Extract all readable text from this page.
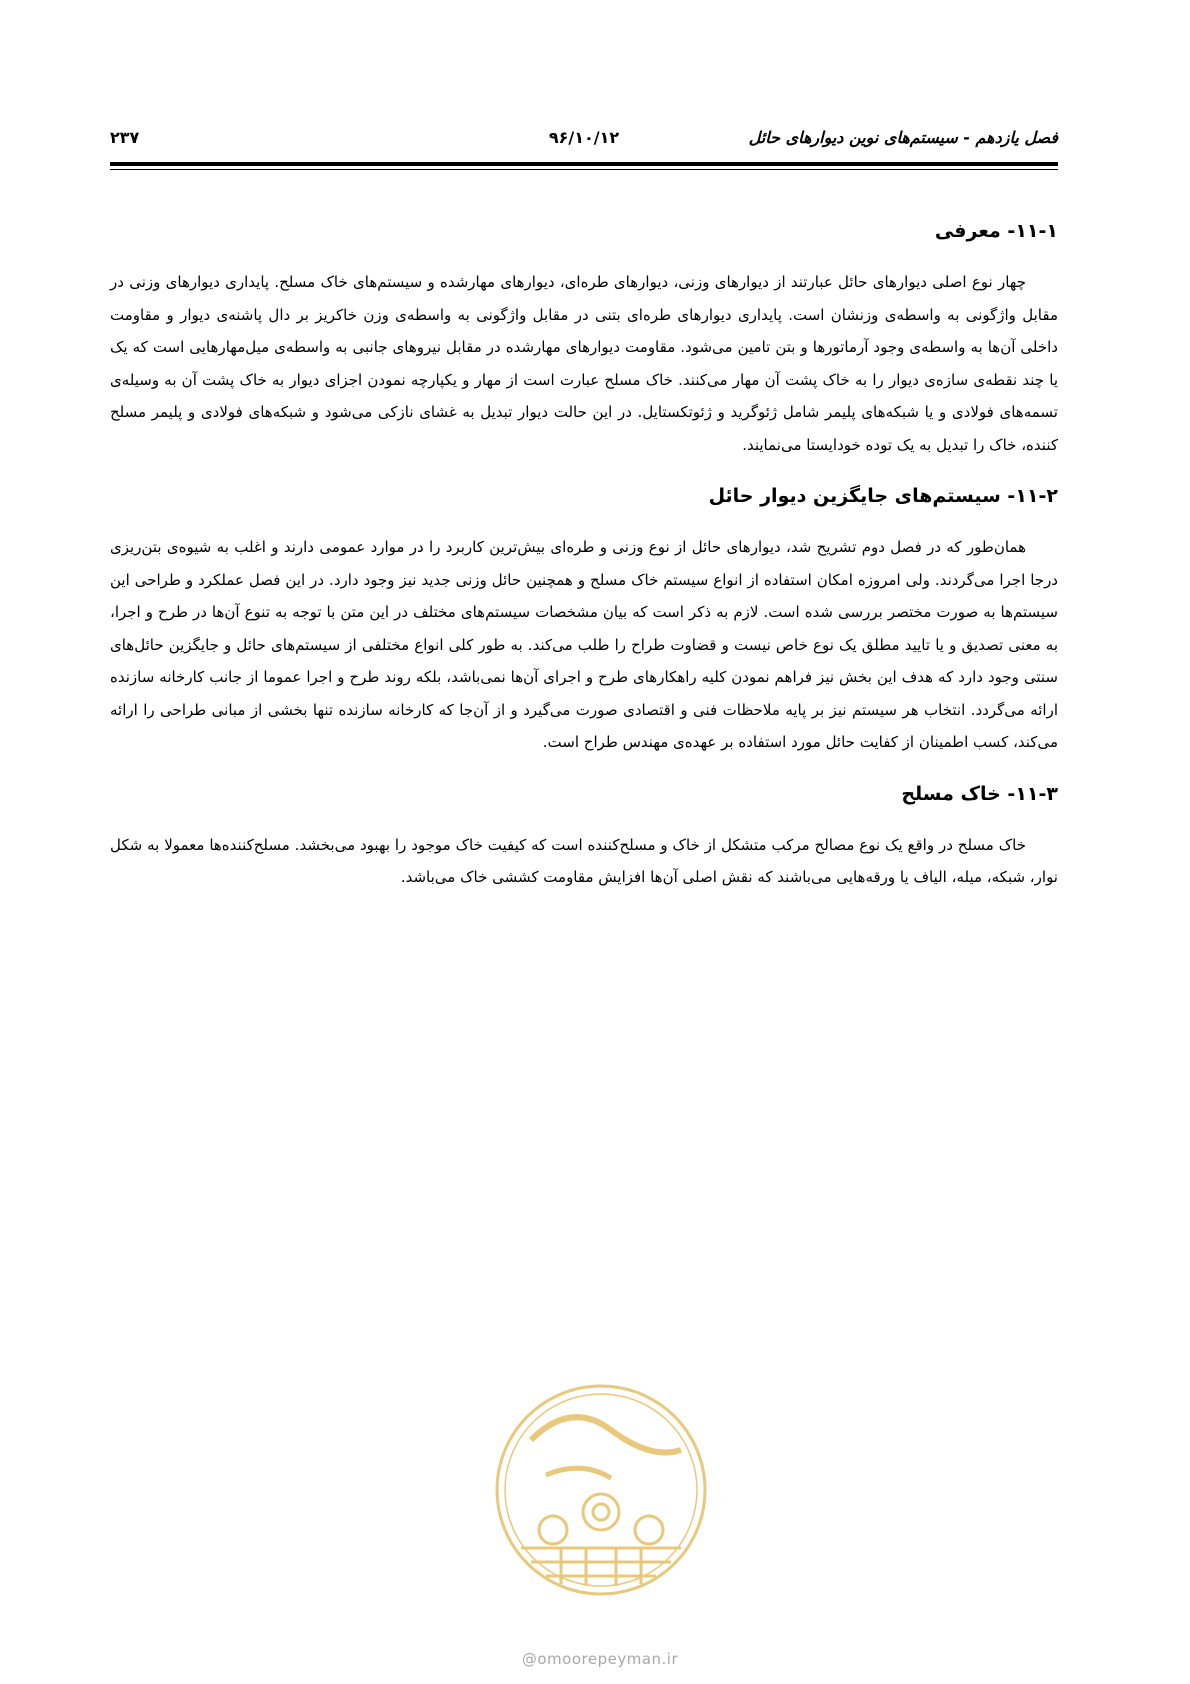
فصل یازدهم - سیستم‌های نوین دیوارهای حائل
۹۶/۱۰/۱۲
۲۳۷
۱۱-۱- معرفی

چهار نوع اصلی دیوارهای حائل عبارتند از دیوارهای وزنی، دیوارهای طره‌ای، دیوارهای مهارشده و سیستم‌های خاک مسلح. پایداری دیوارهای وزنی در مقابل واژگونی به واسطه‌ی وزنشان است. پایداری دیوارهای طره‌ای بتنی در مقابل واژگونی به واسطه‌ی وزن خاکریز بر دال پاشنه‌ی دیوار و مقاومت داخلی آن‌ها به واسطه‌ی وجود آرماتورها و بتن تامین می‌شود. مقاومت دیوارهای مهارشده در مقابل نیروهای جانبی به واسطه‌ی میل‌مهارهایی است که یک یا چند نقطه‌ی سازه‌ی دیوار را به خاک پشت آن مهار می‌کنند. خاک مسلح عبارت است از مهار و یکپارچه نمودن اجزای دیوار به خاک پشت آن به وسیله‌ی تسمه‌های فولادی و یا شبکه‌های پلیمر شامل ژئوگرید و ژئوتکستایل. در این حالت دیوار تبدیل به غشای نازکی می‌شود و شبکه‌های فولادی و پلیمر مسلح کننده، خاک را تبدیل به یک توده خودایستا می‌نمایند.

۱۱-۲- سیستم‌های جایگزین دیوار حائل

همان‌طور که در فصل دوم تشریح شد، دیوارهای حائل از نوع وزنی و طره‌ای بیش‌ترین کاربرد را در موارد عمومی دارند و اغلب به شیوه‌ی بتن‌ریزی درجا اجرا می‌گردند. ولی امروزه امکان استفاده از انواع سیستم خاک مسلح و همچنین حائل وزنی جدید نیز وجود دارد. در این فصل عملکرد و طراحی این سیستم‌ها به صورت مختصر بررسی شده است. لازم به ذکر است که بیان مشخصات سیستم‌های مختلف در این متن با توجه به تنوع آن‌ها در طرح و اجرا، به معنی تصدیق و یا تایید مطلق یک نوع خاص نیست و قضاوت طراح را طلب می‌کند. به طور کلی انواع مختلفی از سیستم‌های حائل و جایگزین حائل‌های سنتی وجود دارد که هدف این بخش نیز فراهم نمودن کلیه راهکارهای طرح و اجرای آن‌ها نمی‌باشد، بلکه روند طرح و اجرا عموما از جانب کارخانه سازنده ارائه می‌گردد. انتخاب هر سیستم نیز بر پایه ملاحظات فنی و اقتصادی صورت می‌گیرد و از آن‌جا که کارخانه سازنده تنها بخشی از مبانی طراحی را ارائه می‌کند، کسب اطمینان از کفایت حائل مورد استفاده بر عهده‌ی مهندس طراح است.

۱۱-۳- خاک مسلح

خاک مسلح در واقع یک نوع مصالح مرکب متشکل از خاک و مسلح‌کننده است که کیفیت خاک موجود را بهبود می‌بخشد. مسلح‌کننده‌ها معمولا به شکل نوار، شبکه، میله، الیاف یا ورقه‌هایی می‌باشند که نقش اصلی آن‌ها افزایش مقاومت کششی خاک می‌باشد.

@omoorepeyman.ir
